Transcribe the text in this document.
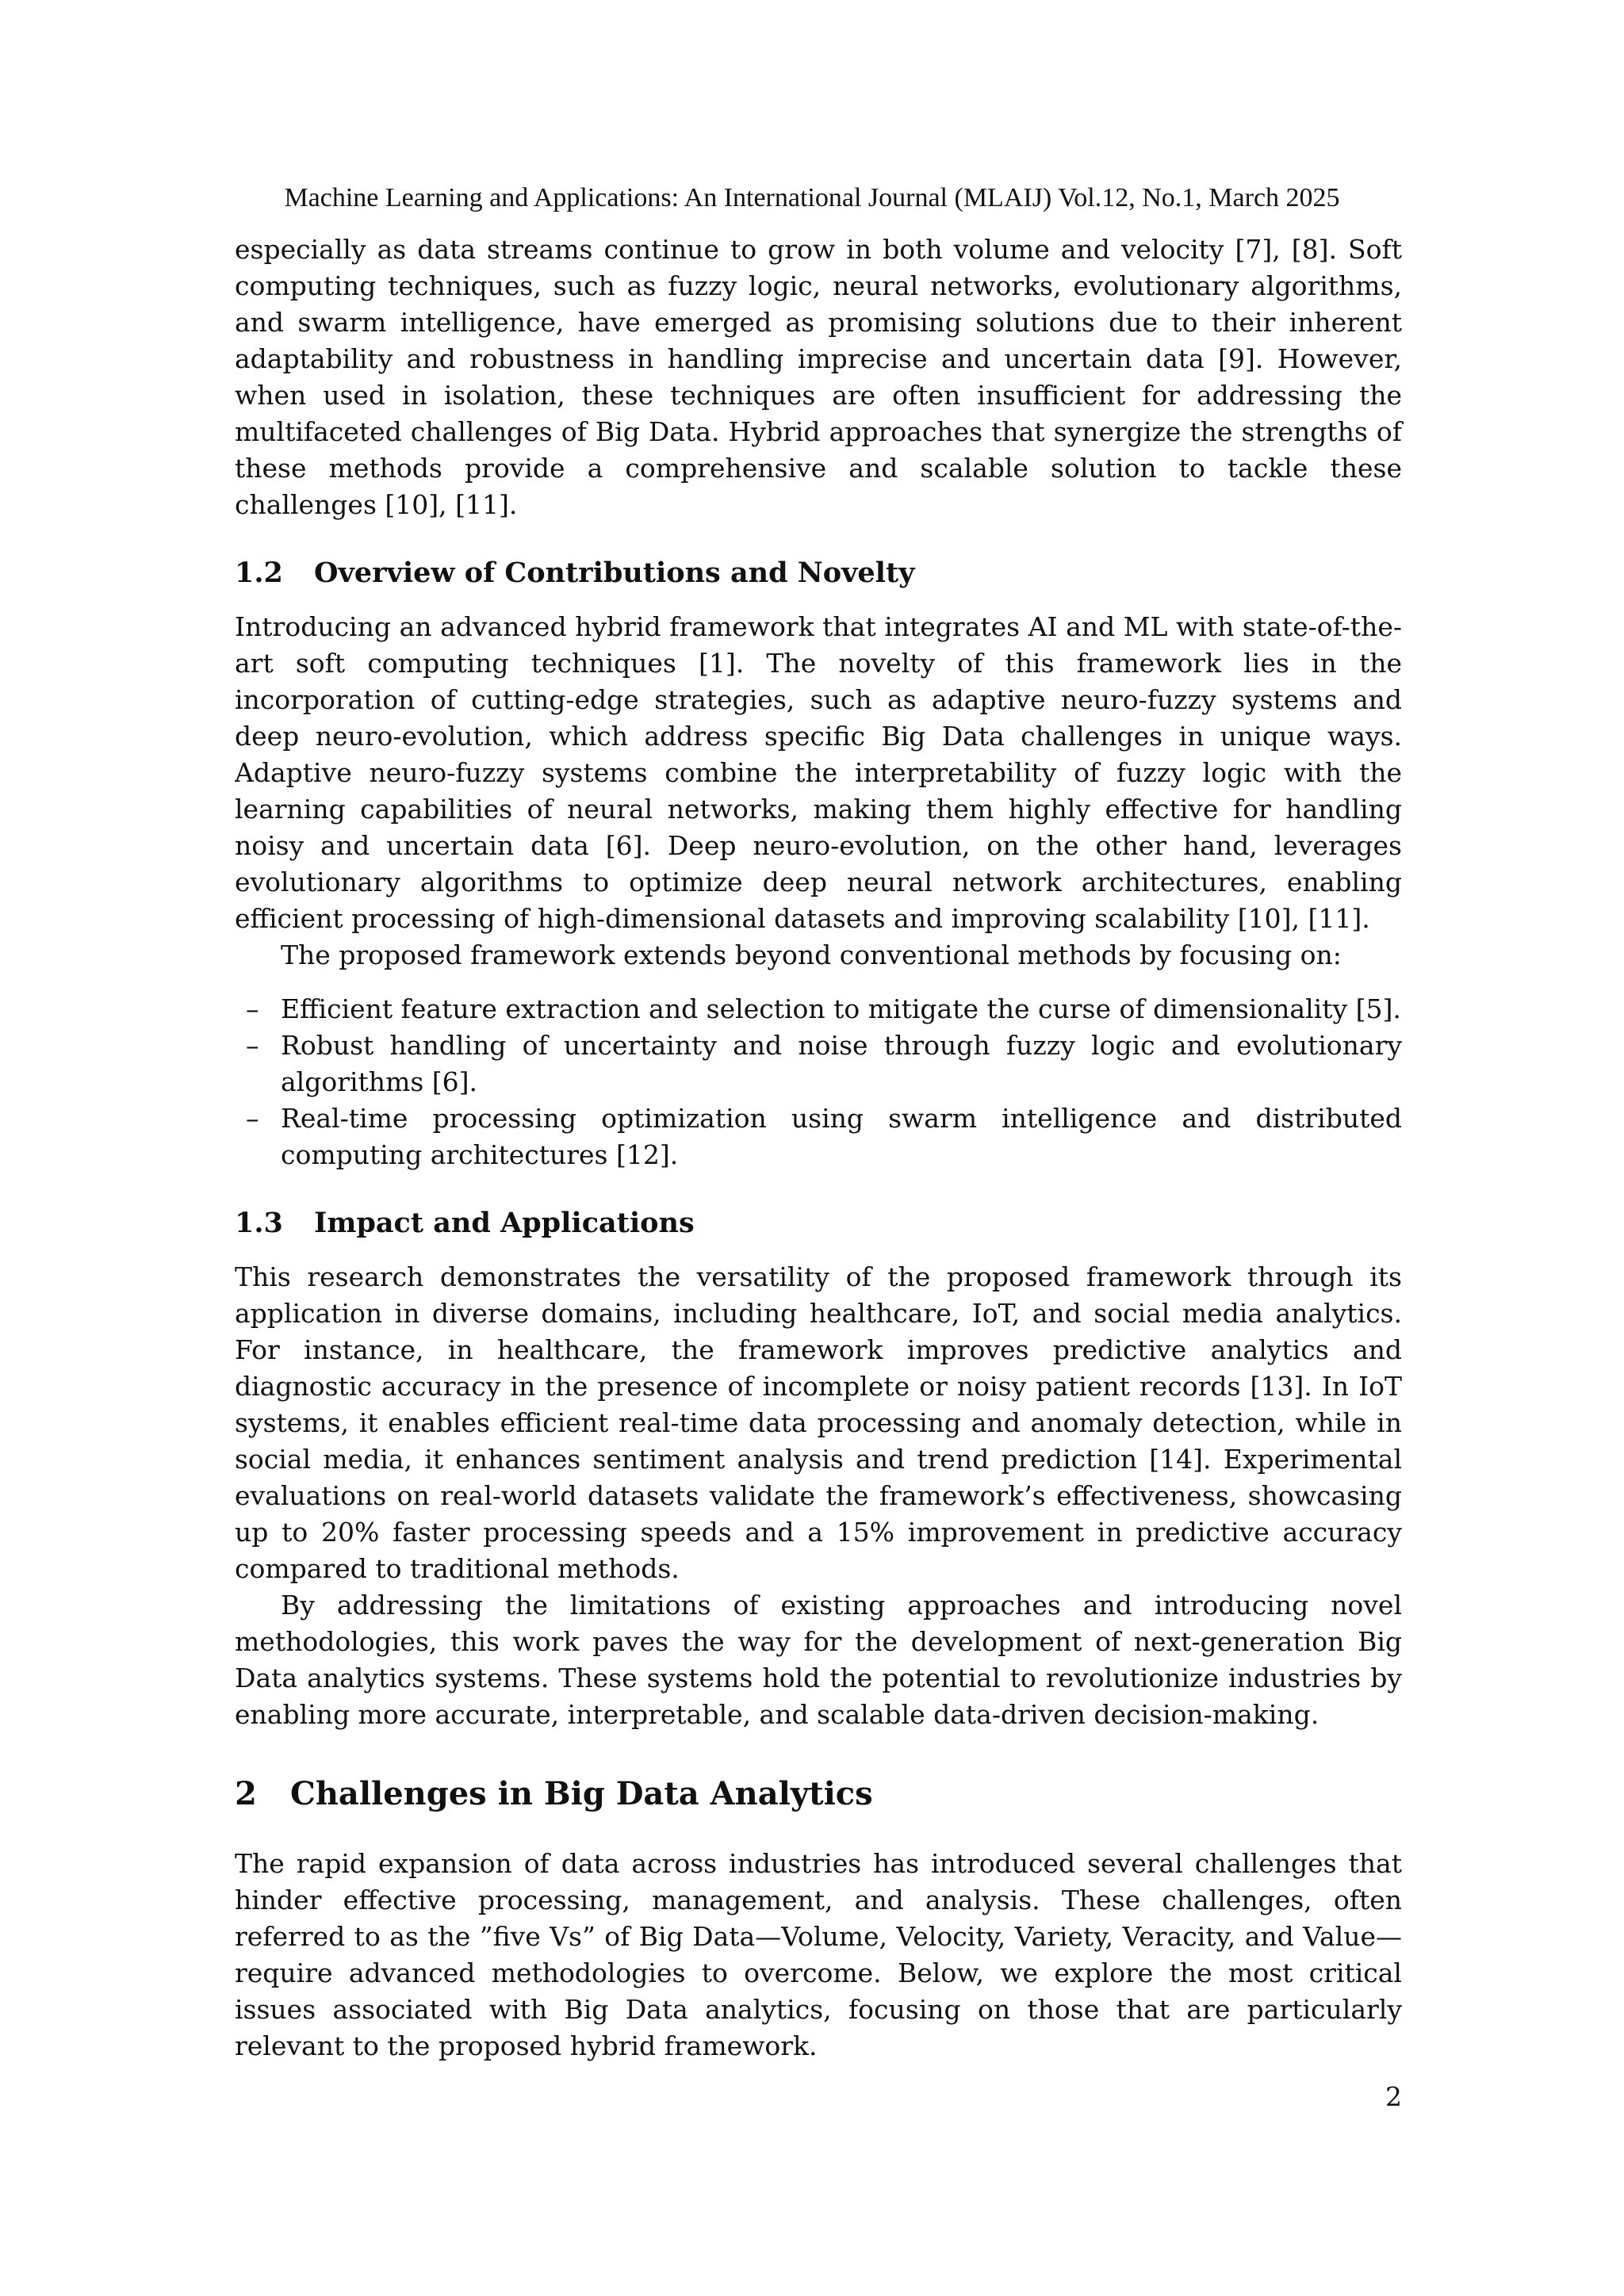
Machine Learning and Applications: An International Journal (MLAIJ) Vol.12, No.1, March 2025

especially as data streams continue to grow in both volume and velocity [7], [8]. Soft computing techniques, such as fuzzy logic, neural networks, evolutionary algorithms, and swarm intelligence, have emerged as promising solutions due to their inherent adaptability and robustness in handling imprecise and uncertain data [9]. However, when used in isolation, these techniques are often insufficient for addressing the multifaceted challenges of Big Data. Hybrid approaches that synergize the strengths of these methods provide a comprehensive and scalable solution to tackle these challenges [10], [11].

1.2 Overview of Contributions and Novelty

Introducing an advanced hybrid framework that integrates AI and ML with state-of-the-art soft computing techniques [1]. The novelty of this framework lies in the incorporation of cutting-edge strategies, such as adaptive neuro-fuzzy systems and deep neuro-evolution, which address specific Big Data challenges in unique ways. Adaptive neuro-fuzzy systems combine the interpretability of fuzzy logic with the learning capabilities of neural networks, making them highly effective for handling noisy and uncertain data [6]. Deep neuro-evolution, on the other hand, leverages evolutionary algorithms to optimize deep neural network architectures, enabling efficient processing of high-dimensional datasets and improving scalability [10], [11].

The proposed framework extends beyond conventional methods by focusing on:

– Efficient feature extraction and selection to mitigate the curse of dimensionality [5].
– Robust handling of uncertainty and noise through fuzzy logic and evolutionary algorithms [6].
– Real-time processing optimization using swarm intelligence and distributed computing architectures [12].
1.3 Impact and Applications

This research demonstrates the versatility of the proposed framework through its application in diverse domains, including healthcare, IoT, and social media analytics. For instance, in healthcare, the framework improves predictive analytics and diagnostic accuracy in the presence of incomplete or noisy patient records [13]. In IoT systems, it enables efficient real-time data processing and anomaly detection, while in social media, it enhances sentiment analysis and trend prediction [14]. Experimental evaluations on real-world datasets validate the framework’s effectiveness, showcasing up to 20% faster processing speeds and a 15% improvement in predictive accuracy compared to traditional methods.

By addressing the limitations of existing approaches and introducing novel methodologies, this work paves the way for the development of next-generation Big Data analytics systems. These systems hold the potential to revolutionize industries by enabling more accurate, interpretable, and scalable data-driven decision-making.

2 Challenges in Big Data Analytics

The rapid expansion of data across industries has introduced several challenges that hinder effective processing, management, and analysis. These challenges, often referred to as the ”five Vs” of Big Data—Volume, Velocity, Variety, Veracity, and Value—require advanced methodologies to overcome. Below, we explore the most critical issues associated with Big Data analytics, focusing on those that are particularly relevant to the proposed hybrid framework.

2
